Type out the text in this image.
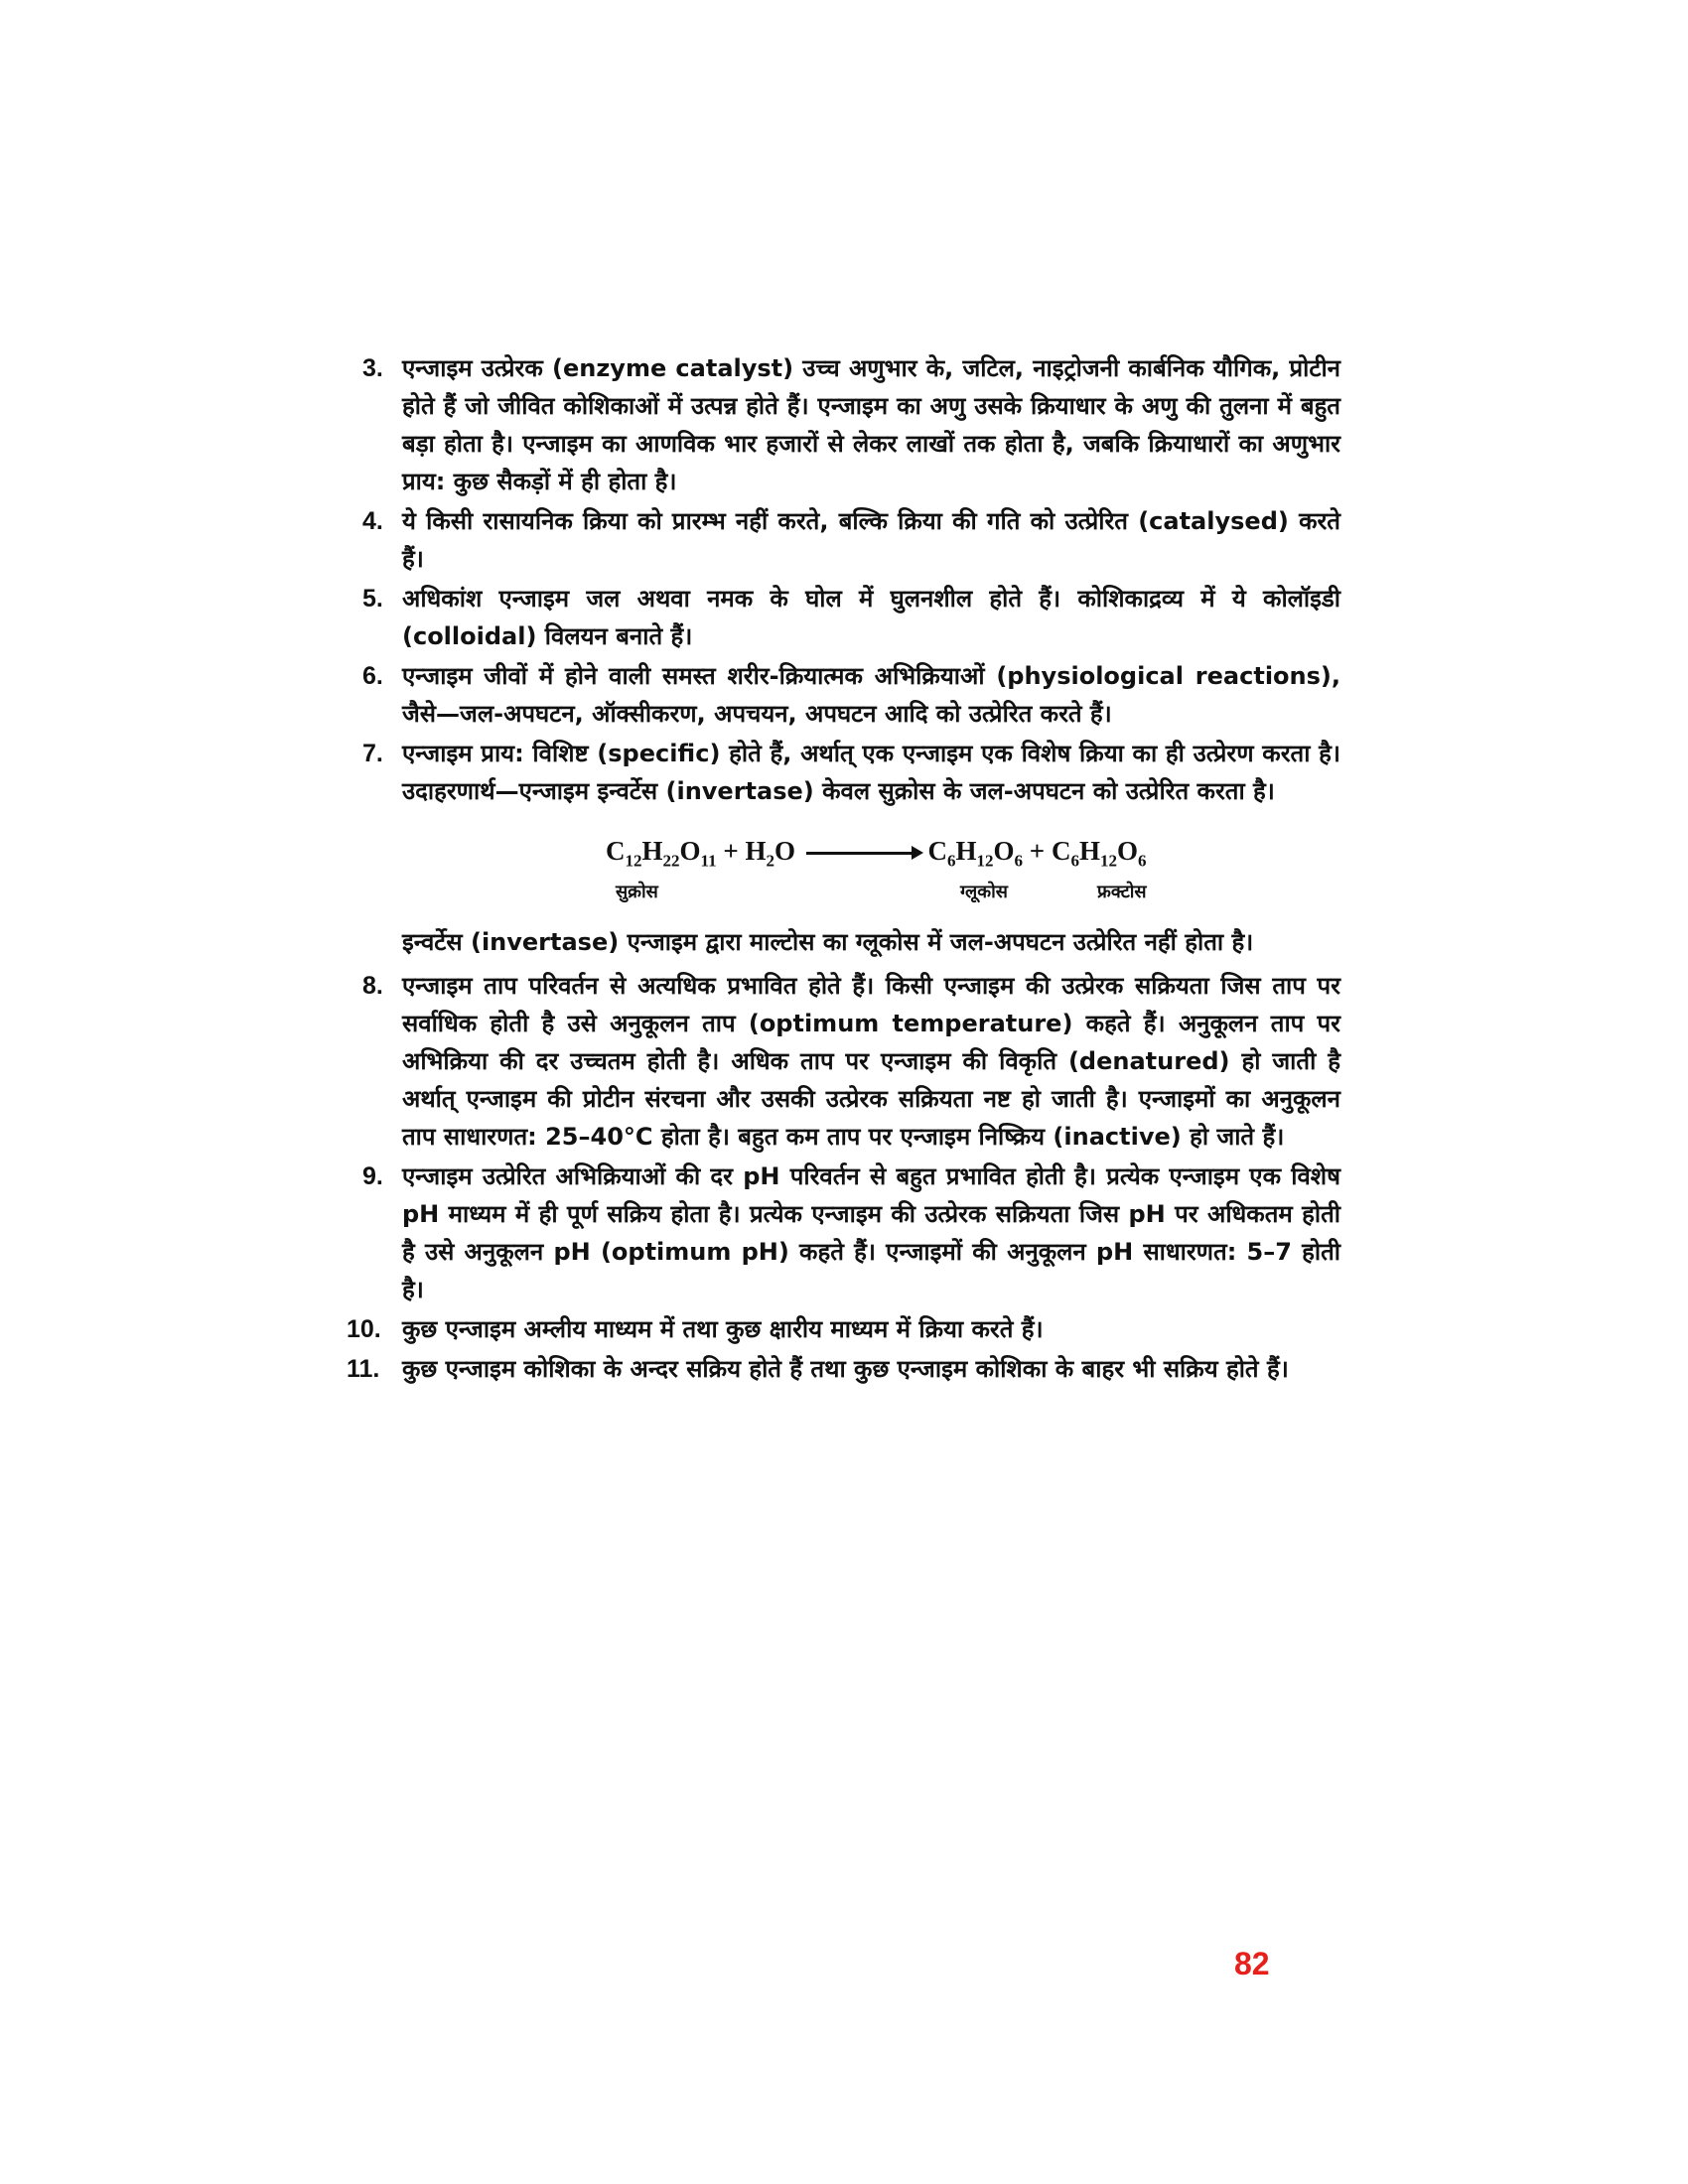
3. एन्जाइम उत्प्रेरक (enzyme catalyst) उच्च अणुभार के, जटिल, नाइट्रोजनी कार्बनिक यौगिक, प्रोटीन होते हैं जो जीवित कोशिकाओं में उत्पन्न होते हैं। एन्जाइम का अणु उसके क्रियाधार के अणु की तुलना में बहुत बड़ा होता है। एन्जाइम का आणविक भार हजारों से लेकर लाखों तक होता है, जबकि क्रियाधारों का अणुभार प्राय: कुछ सैकड़ों में ही होता है।
4. ये किसी रासायनिक क्रिया को प्रारम्भ नहीं करते, बल्कि क्रिया की गति को उत्प्रेरित (catalysed) करते हैं।
5. अधिकांश एन्जाइम जल अथवा नमक के घोल में घुलनशील होते हैं। कोशिकाद्रव्य में ये कोलॉइडी (colloidal) विलयन बनाते हैं।
6. एन्जाइम जीवों में होने वाली समस्त शरीर-क्रियात्मक अभिक्रियाओं (physiological reactions), जैसे—जल-अपघटन, ऑक्सीकरण, अपचयन, अपघटन आदि को उत्प्रेरित करते हैं।
7. एन्जाइम प्राय: विशिष्ट (specific) होते हैं, अर्थात् एक एन्जाइम एक विशेष क्रिया का ही उत्प्रेरण करता है। उदाहरणार्थ—एन्जाइम इन्वर्टेस (invertase) केवल सुक्रोस के जल-अपघटन को उत्प्रेरित करता है।
$C_{12}H_{22}O_{11} + H_2O$	$C_6H_{12}O_6 + C_6H_{12}O_6$
सुक्रोस	ग्लूकोस	फ्रक्टोस
इन्वर्टेस (invertase) एन्जाइम द्वारा माल्टोस का ग्लूकोस में जल-अपघटन उत्प्रेरित नहीं होता है।
8. एन्जाइम ताप परिवर्तन से अत्यधिक प्रभावित होते हैं। किसी एन्जाइम की उत्प्रेरक सक्रियता जिस ताप पर सर्वाधिक होती है उसे अनुकूलन ताप (optimum temperature) कहते हैं। अनुकूलन ताप पर अभिक्रिया की दर उच्चतम होती है। अधिक ताप पर एन्जाइम की विकृति (denatured) हो जाती है अर्थात् एन्जाइम की प्रोटीन संरचना और उसकी उत्प्रेरक सक्रियता नष्ट हो जाती है। एन्जाइमों का अनुकूलन ताप साधारणत: 25–40°C होता है। बहुत कम ताप पर एन्जाइम निष्क्रिय (inactive) हो जाते हैं।
9. एन्जाइम उत्प्रेरित अभिक्रियाओं की दर pH परिवर्तन से बहुत प्रभावित होती है। प्रत्येक एन्जाइम एक विशेष pH माध्यम में ही पूर्ण सक्रिय होता है। प्रत्येक एन्जाइम की उत्प्रेरक सक्रियता जिस pH पर अधिकतम होती है उसे अनुकूलन pH (optimum pH) कहते हैं। एन्जाइमों की अनुकूलन pH साधारणत: 5–7 होती है।
10. कुछ एन्जाइम अम्लीय माध्यम में तथा कुछ क्षारीय माध्यम में क्रिया करते हैं।
11. कुछ एन्जाइम कोशिका के अन्दर सक्रिय होते हैं तथा कुछ एन्जाइम कोशिका के बाहर भी सक्रिय होते हैं।
82
